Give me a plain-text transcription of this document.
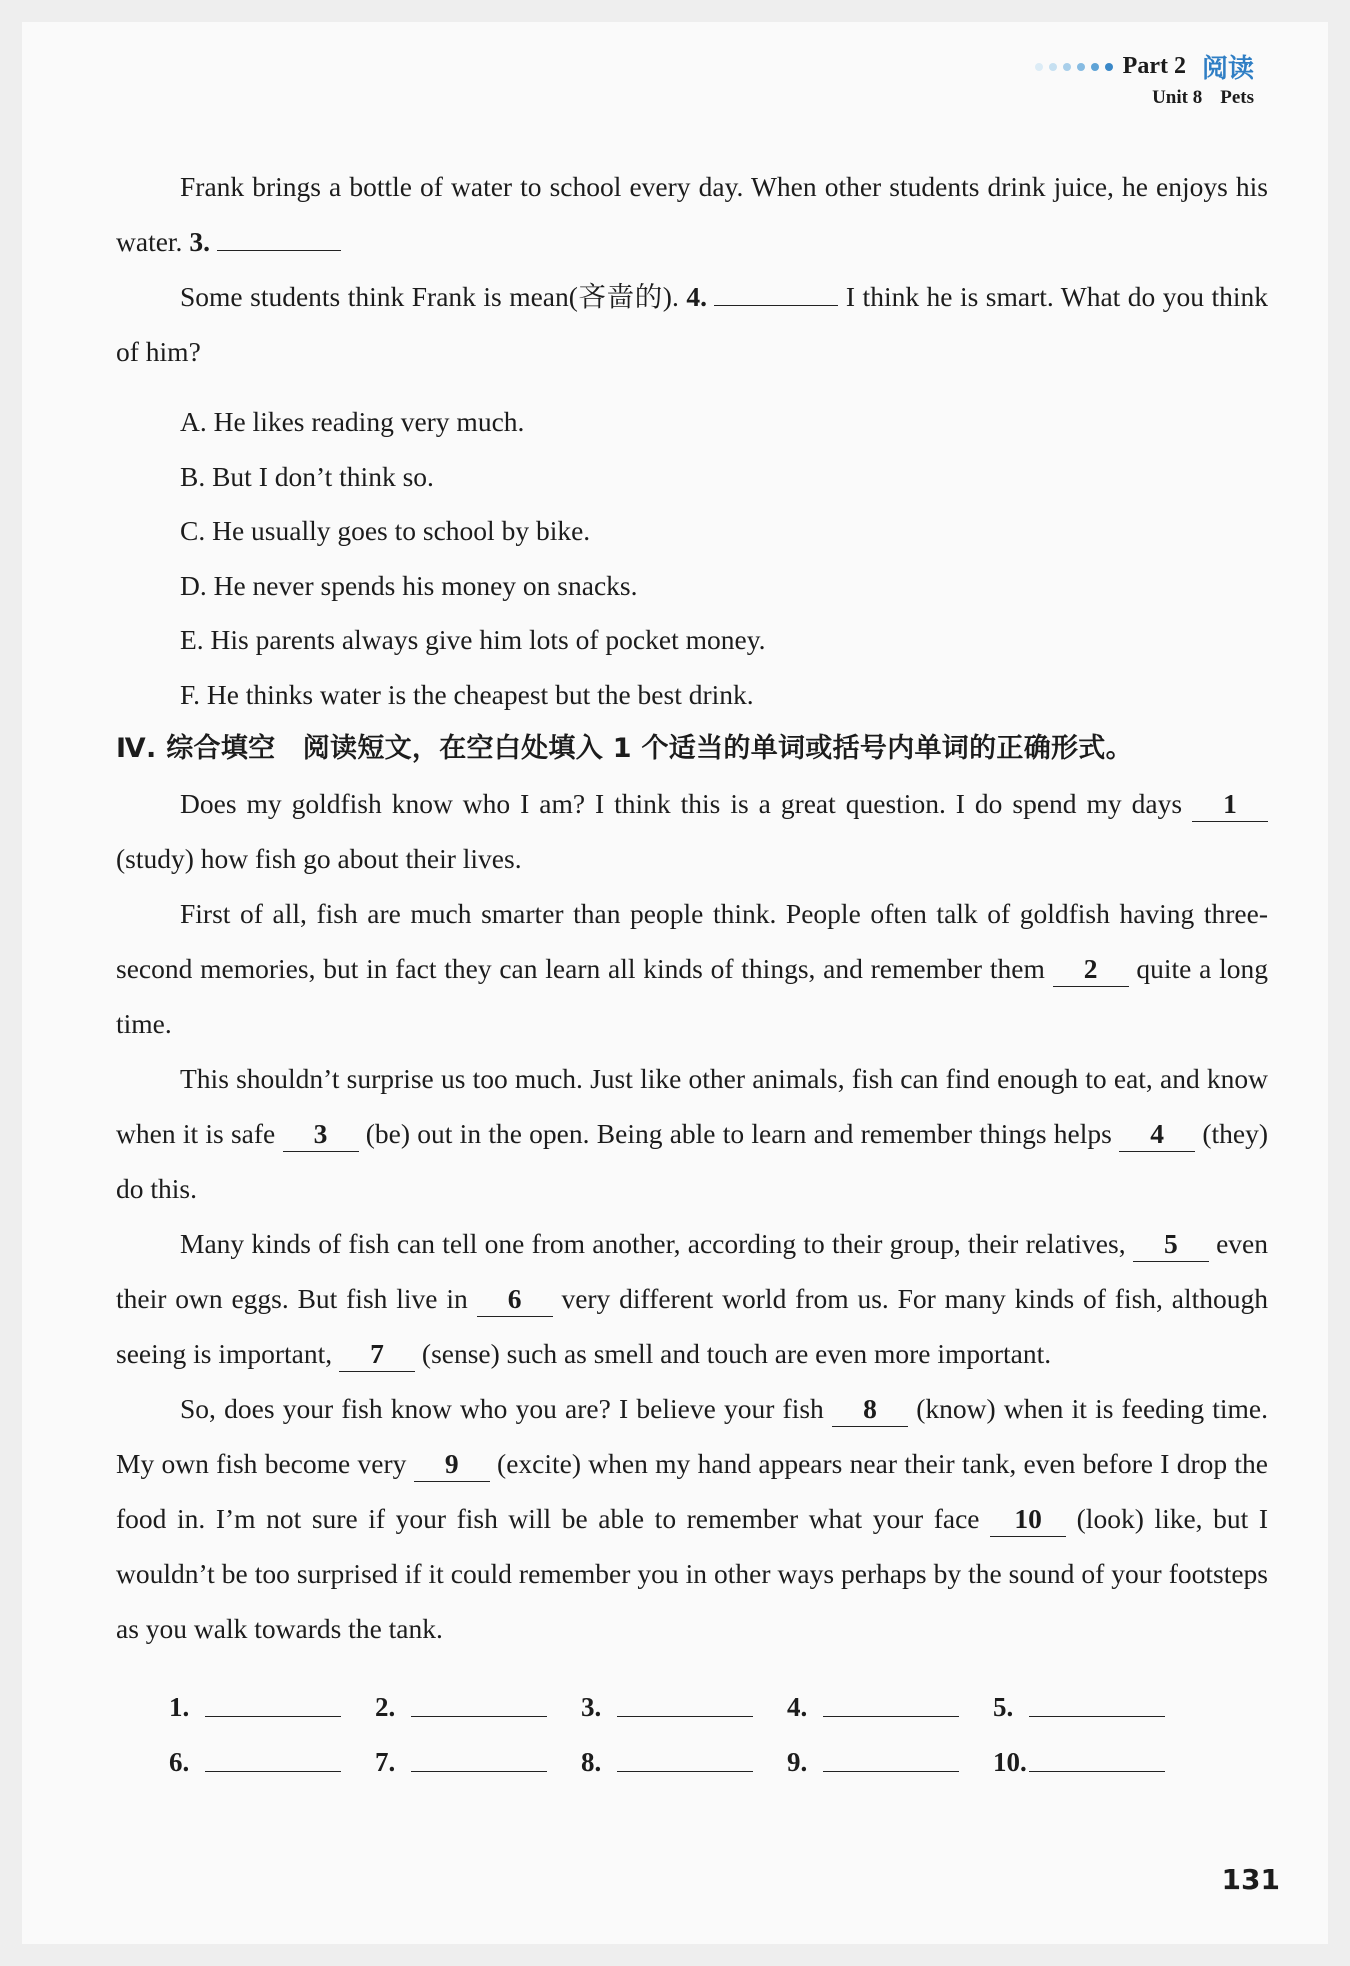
Part 2 阅读
Unit 8 Pets

Frank brings a bottle of water to school every day. When other students drink juice, he enjoys his water. 3.

Some students think Frank is mean(吝啬的). 4.	I think he is smart. What do you think of him?

A. He likes reading very much.
B. But I don’t think so.
C. He usually goes to school by bike.
D. He never spends his money on snacks.
E. His parents always give him lots of pocket money.
F. He thinks water is the cheapest but the best drink.

Ⅳ. 综合填空　阅读短文，在空白处填入 1 个适当的单词或括号内单词的正确形式。

Does my goldfish know who I am? I think this is a great question. I do spend my days 1 (study) how fish go about their lives.

First of all, fish are much smarter than people think. People often talk of goldfish having three-second memories, but in fact they can learn all kinds of things, and remember them 2 quite a long time.

This shouldn’t surprise us too much. Just like other animals, fish can find enough to eat, and know when it is safe 3 (be) out in the open. Being able to learn and remember things helps 4 (they) do this.

Many kinds of fish can tell one from another, according to their group, their relatives, 5 even their own eggs. But fish live in 6 very different world from us. For many kinds of fish, although seeing is important, 7 (sense) such as smell and touch are even more important.

So, does your fish know who you are? I believe your fish 8 (know) when it is feeding time. My own fish become very 9 (excite) when my hand appears near their tank, even before I drop the food in. I’m not sure if your fish will be able to remember what your face 10 (look) like, but I wouldn’t be too surprised if it could remember you in other ways perhaps by the sound of your footsteps as you walk towards the tank.

1.	2.	3.	4.	5.
6.	7.	8.	9.	10.
131
